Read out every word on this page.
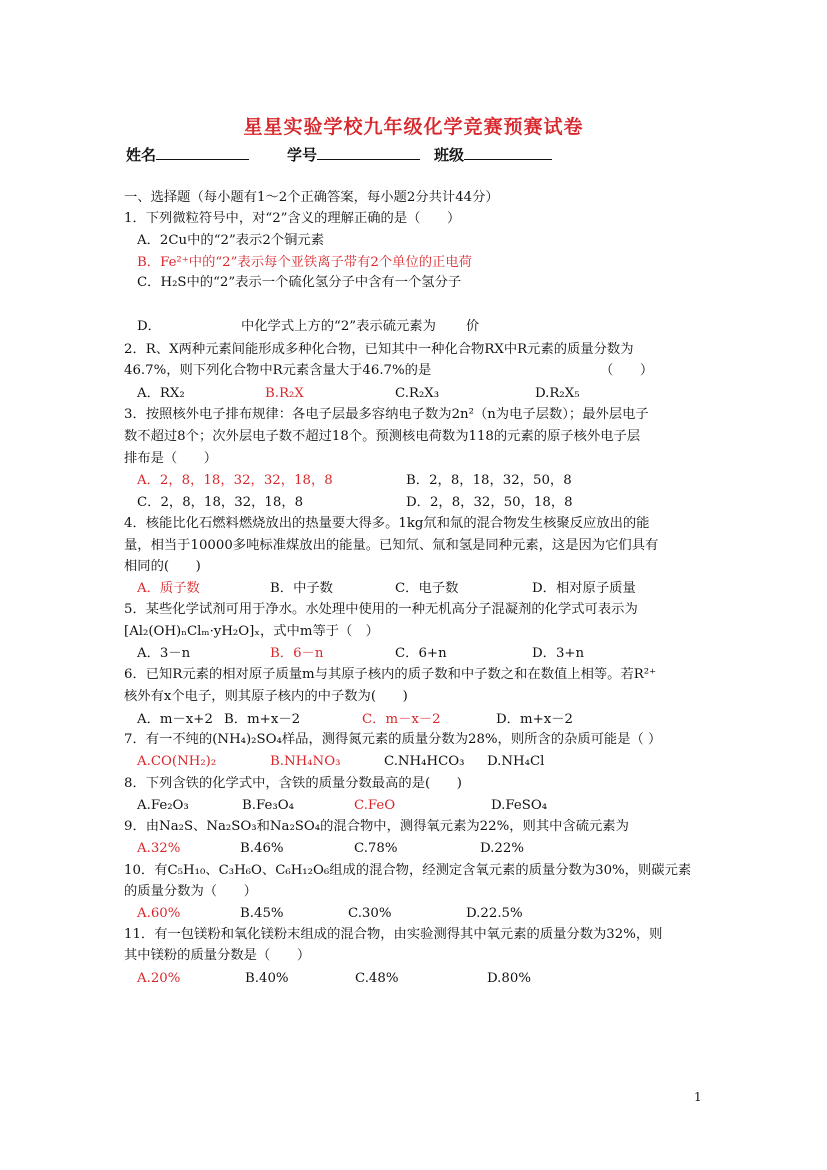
星星实验学校九年级化学竞赛预赛试卷
姓名	学号	班级
一、选择题（每小题有1～2个正确答案，每小题2分共计44分）
1．下列微粒符号中，对“2”含义的理解正确的是（　　）
A．2Cu中的“2”表示2个铜元素
B．Fe²⁺中的“2”表示每个亚铁离子带有2个单位的正电荷
C．H₂S中的“2”表示一个硫化氢分子中含有一个氢分子
D．	中化学式上方的“2”表示硫元素为 价
2．R、X两种元素间能形成多种化合物，已知其中一种化合物RX中R元素的质量分数为
46.7%，则下列化合物中R元素含量大于46.7%的是	（　　）
A．RX₂	B.R₂X	C.R₂X₃	D.R₂X₅
3．按照核外电子排布规律：各电子层最多容纳电子数为2n²（n为电子层数）；最外层电子
数不超过8个；次外层电子数不超过18个。预测核电荷数为118的元素的原子核外电子层
排布是（　　）
A．2，8，18，32，32，18，8	B．2，8，18，32，50，8
C．2，8，18，32，18，8	D．2，8，32，50，18，8
4．核能比化石燃料燃烧放出的热量要大得多。1kg氘和氚的混合物发生核聚反应放出的能
量，相当于10000多吨标准煤放出的能量。已知氘、氚和氢是同种元素，这是因为它们具有
相同的(　　)
A．质子数	B．中子数	C．电子数	D．相对原子质量
5．某些化学试剂可用于净水。水处理中使用的一种无机高分子混凝剂的化学式可表示为
[Al₂(OH)ₙClₘ·yH₂O]ₓ，式中m等于（　）
A．3－n	B．6－n	C．6+n	D．3+n
6．已知R元素的相对原子质量m与其原子核内的质子数和中子数之和在数值上相等。若R²⁺
核外有x个电子，则其原子核内的中子数为(　　)
A．m－x+2 B．m+x－2	C．m－x－2	D．m+x－2
7．有一不纯的(NH₄)₂SO₄样品，测得氮元素的质量分数为28%，则所含的杂质可能是（ ）
A.CO(NH₂)₂	B.NH₄NO₃	C.NH₄HCO₃ D.NH₄Cl
8．下列含铁的化学式中，含铁的质量分数最高的是(　　)
A.Fe₂O₃	B.Fe₃O₄	C.FeO	D.FeSO₄
9．由Na₂S、Na₂SO₃和Na₂SO₄的混合物中，测得氧元素为22%，则其中含硫元素为
A.32%	B.46%	C.78%	D.22%
10．有C₅H₁₀、C₃H₆O、C₆H₁₂O₆组成的混合物，经测定含氧元素的质量分数为30%，则碳元素
的质量分数为（　　）
A.60%	B.45%	C.30%	D.22.5%
11．有一包镁粉和氧化镁粉末组成的混合物，由实验测得其中氧元素的质量分数为32%，则
其中镁粉的质量分数是（　　）
A.20%	B.40%	C.48%	D.80%
1
